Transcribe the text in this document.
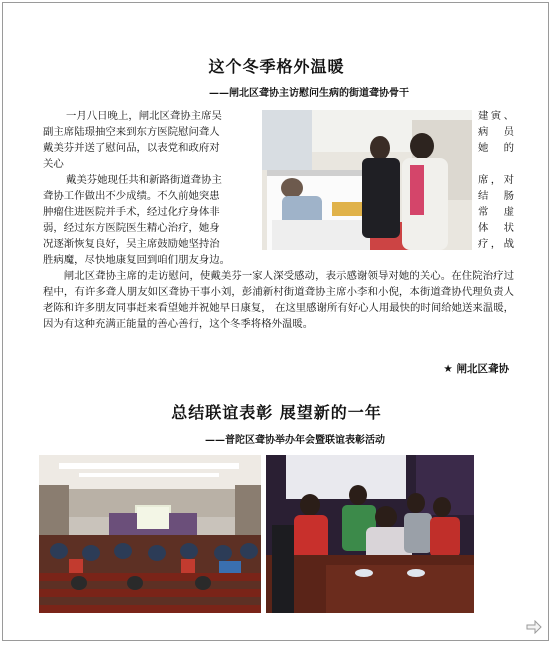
这个冬季格外温暖
——闸北区聋协主访慰问生病的街道聋协骨干
一月八日晚上，闸北区聋协主席吴
副主席陆璟抽空来到东方医院慰问聋人
戴美芬并送了慰问品，以表党和政府对
关心
建寅、
病 员
她 的
戴美芬她现任共和新路街道聋协主
聋协工作做出不少成绩。不久前她突患
肿瘤住进医院并手术，经过化疗身体非
弱，经过东方医院医生精心治疗，她身
况逐渐恢复良好，吴主席鼓励她坚持治
胜病魔，尽快地康复回到咱们朋友身边。
席，对
结 肠
常 虚
体 状
疗，战
闸北区聋协主席的走访慰问，使戴美芬一家人深受感动，表示感谢领导对她的关心。在住院治疗过程中，有许多聋人朋友如区聋协干事小刘，彭浦新村街道聋协主席小李和小倪，本街道聋协代理负责人老陈和许多朋友同事赶来看望她并祝她早日康复， 在这里感谢所有好心人用最快的时间给她送来温暖，因为有这种充满正能量的善心善行，这个冬季将格外温暖。
★ 闸北区聋协
总结联谊表彰 展望新的一年
——普陀区聋协举办年会暨联谊表彰活动
